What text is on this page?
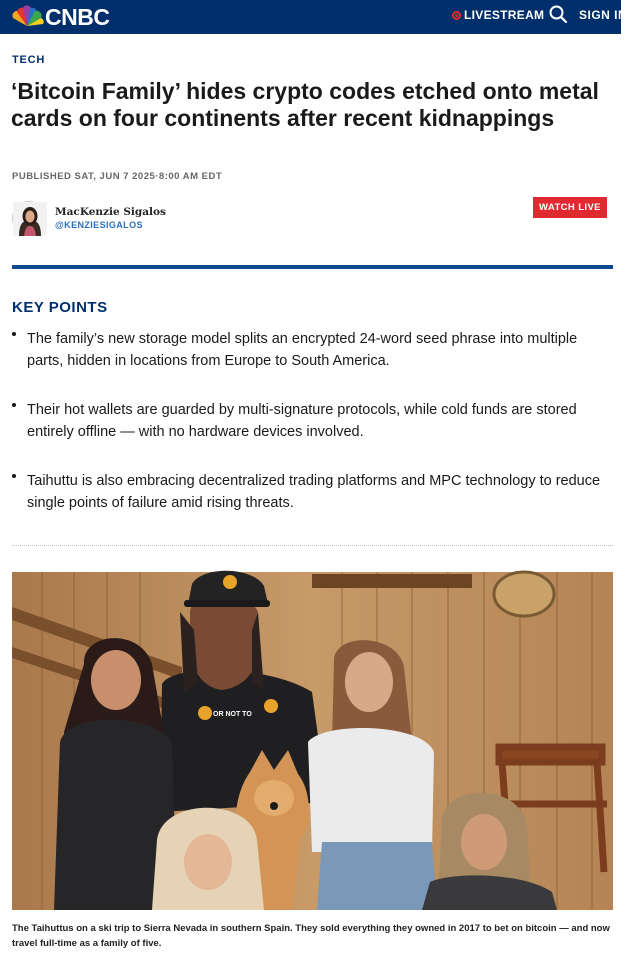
CNBC	LIVESTREAM	SIGN IN
TECH
‘Bitcoin Family’ hides crypto codes etched onto metal cards on four continents after recent kidnappings
PUBLISHED SAT, JUN 7 2025·8:00 AM EDT
MacKenzie Sigalos
@KENZIESIGALOS
WATCH LIVE
KEY POINTS
The family’s new storage model splits an encrypted 24-word seed phrase into multiple parts, hidden in locations from Europe to South America.
Their hot wallets are guarded by multi-signature protocols, while cold funds are stored entirely offline — with no hardware devices involved.
Taihuttu is also embracing decentralized trading platforms and MPC technology to reduce single points of failure amid rising threats.
OR NOT TO

The Taihuttus on a ski trip to Sierra Nevada in southern Spain. They sold everything they owned in 2017 to bet on bitcoin — and now travel full-time as a family of five.
